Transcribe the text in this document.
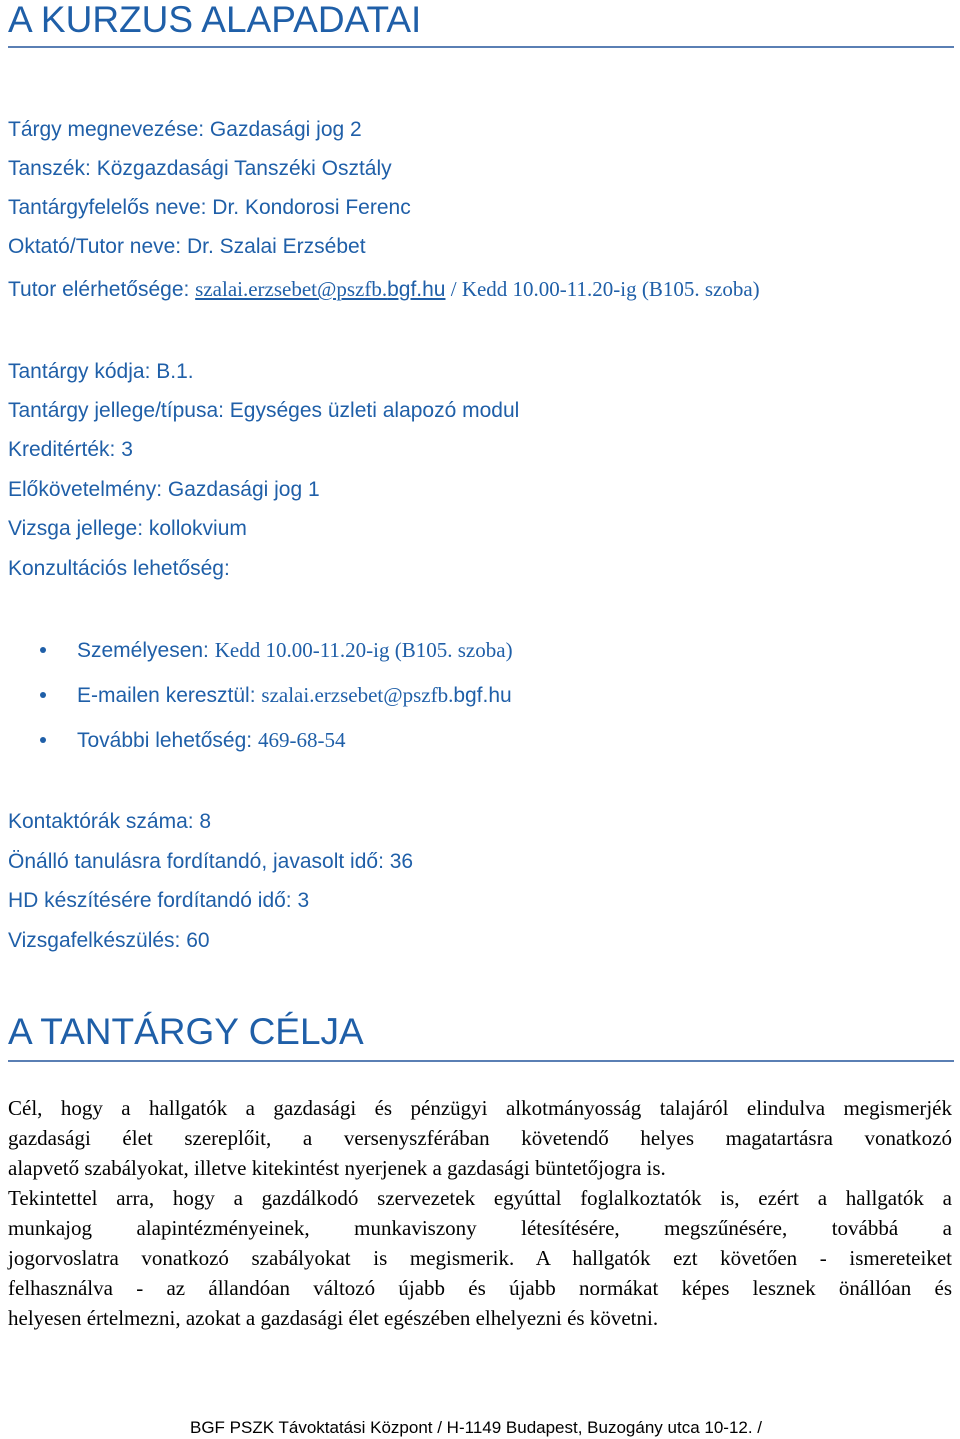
A KURZUS ALAPADATAI
Tárgy megnevezése: Gazdasági jog 2
Tanszék: Közgazdasági Tanszéki Osztály
Tantárgyfelelős neve: Dr. Kondorosi Ferenc
Oktató/Tutor neve: Dr. Szalai Erzsébet
Tutor elérhetősége: szalai.erzsebet@pszfb.bgf.hu / Kedd 10.00-11.20-ig (B105. szoba)
Tantárgy kódja: B.1.
Tantárgy jellege/típusa: Egységes üzleti alapozó modul
Kreditérték: 3
Előkövetelmény: Gazdasági jog 1
Vizsga jellege: kollokvium
Konzultációs lehetőség:
Személyesen: Kedd 10.00-11.20-ig (B105. szoba)
E-mailen keresztül: szalai.erzsebet@pszfb.bgf.hu
További lehetőség: 469-68-54
Kontaktórák száma: 8
Önálló tanulásra fordítandó, javasolt idő: 36
HD készítésére fordítandó idő: 3
Vizsgafelkészülés: 60
A TANTÁRGY CÉLJA
Cél, hogy a hallgatók a gazdasági és pénzügyi alkotmányosság talajáról elindulva megismerjék
gazdasági élet szereplőit, a versenyszférában követendő helyes magatartásra vonatkozó
alapvető szabályokat, illetve kitekintést nyerjenek a gazdasági büntetőjogra is.
Tekintettel arra, hogy a gazdálkodó szervezetek egyúttal foglalkoztatók is, ezért a hallgatók a
munkajog alapintézményeinek, munkaviszony létesítésére, megszűnésére, továbbá a
jogorvoslatra vonatkozó szabályokat is megismerik. A hallgatók ezt követően - ismereteiket
felhasználva - az állandóan változó újabb és újabb normákat képes lesznek önállóan és
helyesen értelmezni, azokat a gazdasági élet egészében elhelyezni és követni.
BGF PSZK Távoktatási Központ / H-1149 Budapest, Buzogány utca 10-12. /
